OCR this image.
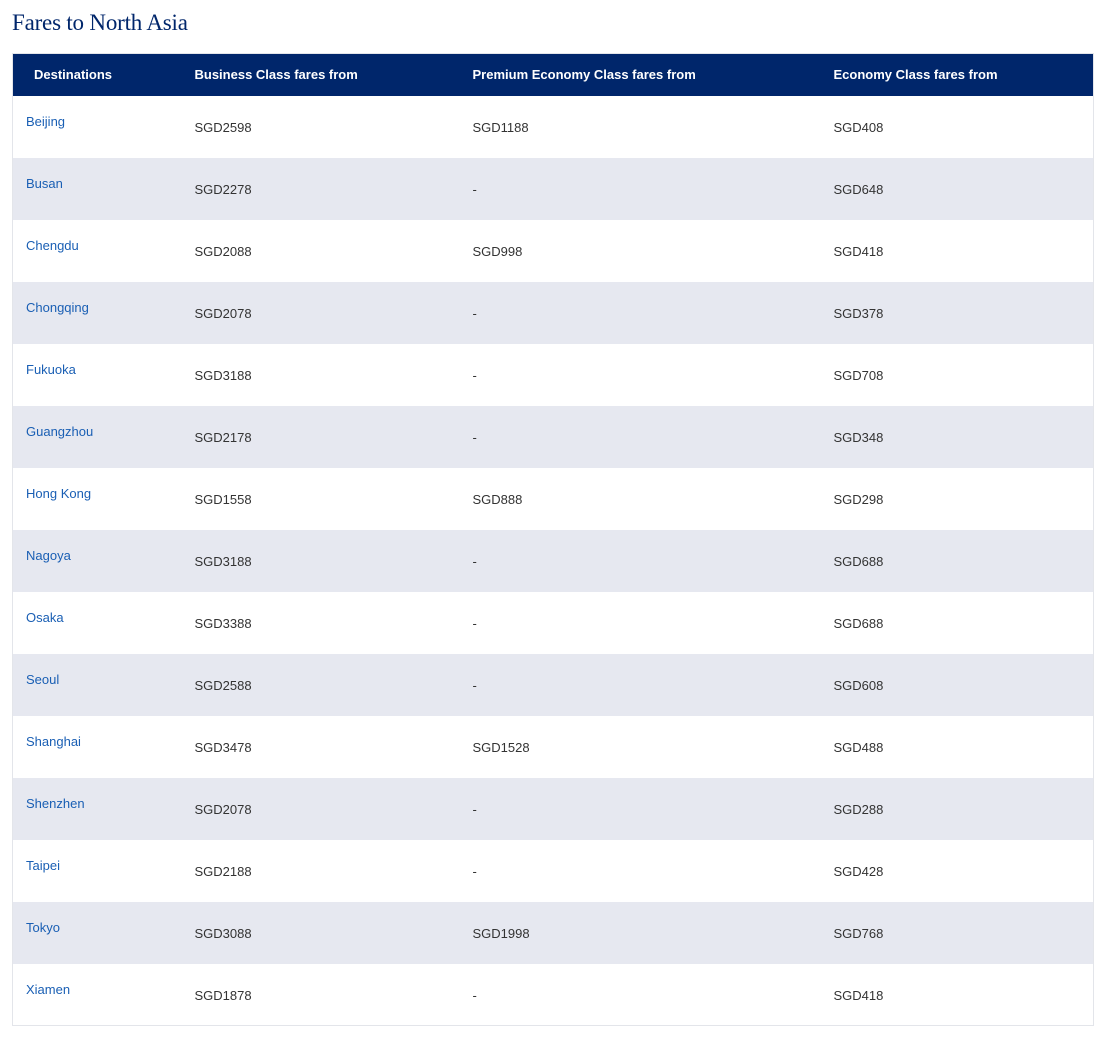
Fares to North Asia
Destinations	Business Class fares from	Premium Economy Class fares from	Economy Class fares from
Beijing	SGD2598	SGD1188	SGD408
Busan	SGD2278	-	SGD648
Chengdu	SGD2088	SGD998	SGD418
Chongqing	SGD2078	-	SGD378
Fukuoka	SGD3188	-	SGD708
Guangzhou	SGD2178	-	SGD348
Hong Kong	SGD1558	SGD888	SGD298
Nagoya	SGD3188	-	SGD688
Osaka	SGD3388	-	SGD688
Seoul	SGD2588	-	SGD608
Shanghai	SGD3478	SGD1528	SGD488
Shenzhen	SGD2078	-	SGD288
Taipei	SGD2188	-	SGD428
Tokyo	SGD3088	SGD1998	SGD768
Xiamen	SGD1878	-	SGD418
